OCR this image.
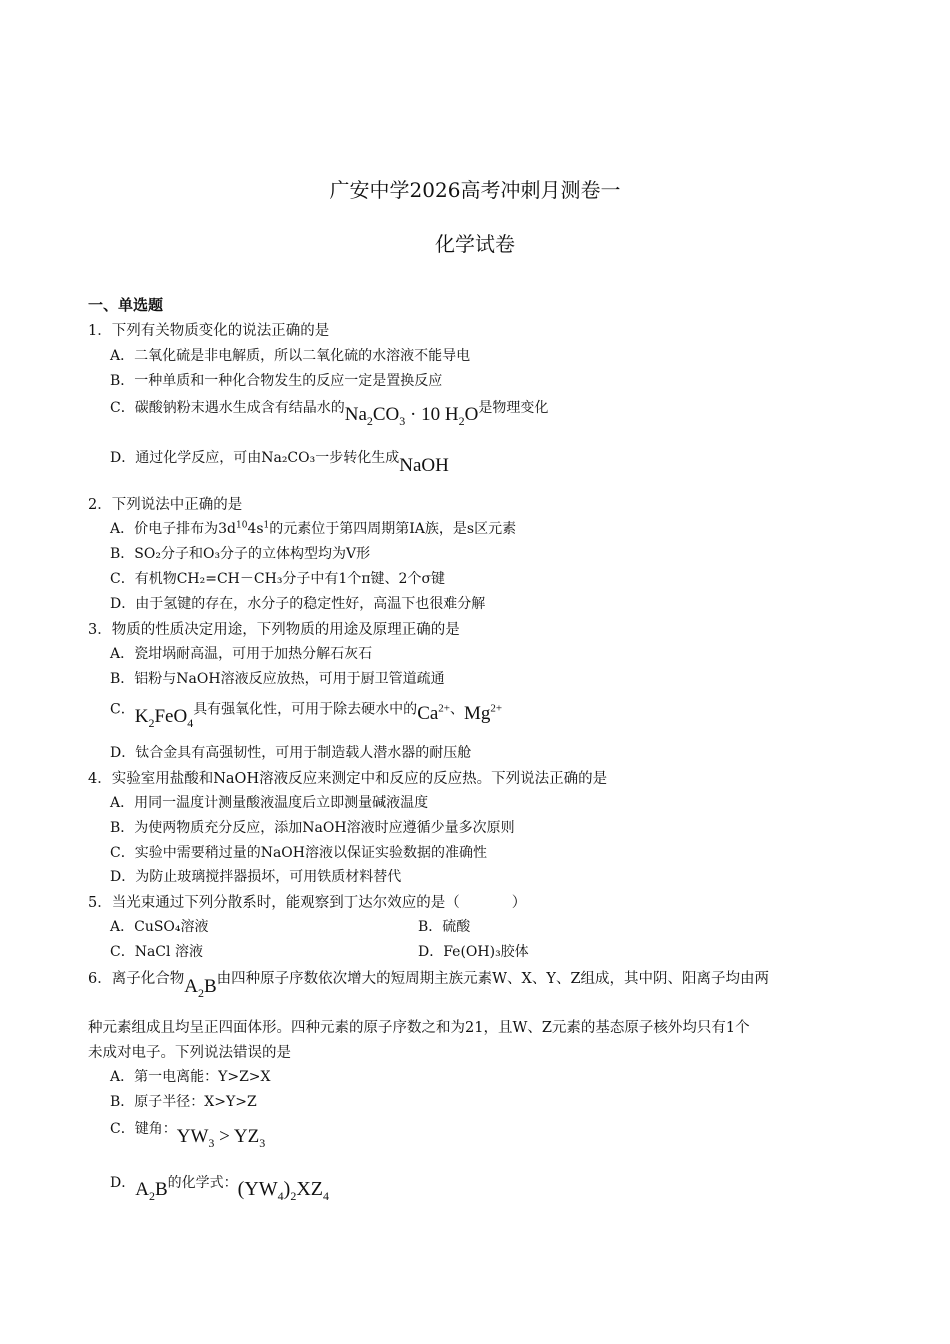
广安中学2026高考冲刺月测卷一
化学试卷
一、单选题
1．下列有关物质变化的说法正确的是
A．二氧化硫是非电解质，所以二氧化硫的水溶液不能导电
B．一种单质和一种化合物发生的反应一定是置换反应
C．碳酸钠粉末遇水生成含有结晶水的$Na_2CO_3 \cdot 10$ $H_2O$是物理变化
D．通过化学反应，可由Na₂CO₃一步转化生成NaOH
2．下列说法中正确的是
A．价电子排布为$3d^{10}4s^1$的元素位于第四周期第ⅠA族，是s区元素
B．SO₂分子和O₃分子的立体构型均为V形
C．有机物CH₂=CH－CH₃分子中有1个π键、2个σ键
D．由于氢键的存在，水分子的稳定性好，高温下也很难分解
3．物质的性质决定用途，下列物质的用途及原理正确的是
A．瓷坩埚耐高温，可用于加热分解石灰石
B．铝粉与NaOH溶液反应放热，可用于厨卫管道疏通
C．$K_2FeO_4$具有强氧化性，可用于除去硬水中的$Ca^{2+}$、$Mg^{2+}$
D．钛合金具有高强韧性，可用于制造载人潜水器的耐压舱
4．实验室用盐酸和NaOH溶液反应来测定中和反应的反应热。下列说法正确的是
A．用同一温度计测量酸液温度后立即测量碱液温度
B．为使两物质充分反应，添加NaOH溶液时应遵循少量多次原则
C．实验中需要稍过量的NaOH溶液以保证实验数据的准确性
D．为防止玻璃搅拌器损坏，可用铁质材料替代
5．当光束通过下列分散系时，能观察到丁达尔效应的是（	）
A．CuSO₄溶液	B．硫酸
C．NaCl 溶液	D．Fe(OH)₃胶体
6．离子化合物$A_2B$由四种原子序数依次增大的短周期主族元素W、X、Y、Z组成，其中阴、阳离子均由两
种元素组成且均呈正四面体形。四种元素的原子序数之和为21，且W、Z元素的基态原子核外均只有1个
未成对电子。下列说法错误的是
A．第一电离能：Y>Z>X
B．原子半径：X>Y>Z
C．键角：$YW_3 > YZ_3$
D．$A_2B$的化学式：$(YW_4)_2XZ_4$
